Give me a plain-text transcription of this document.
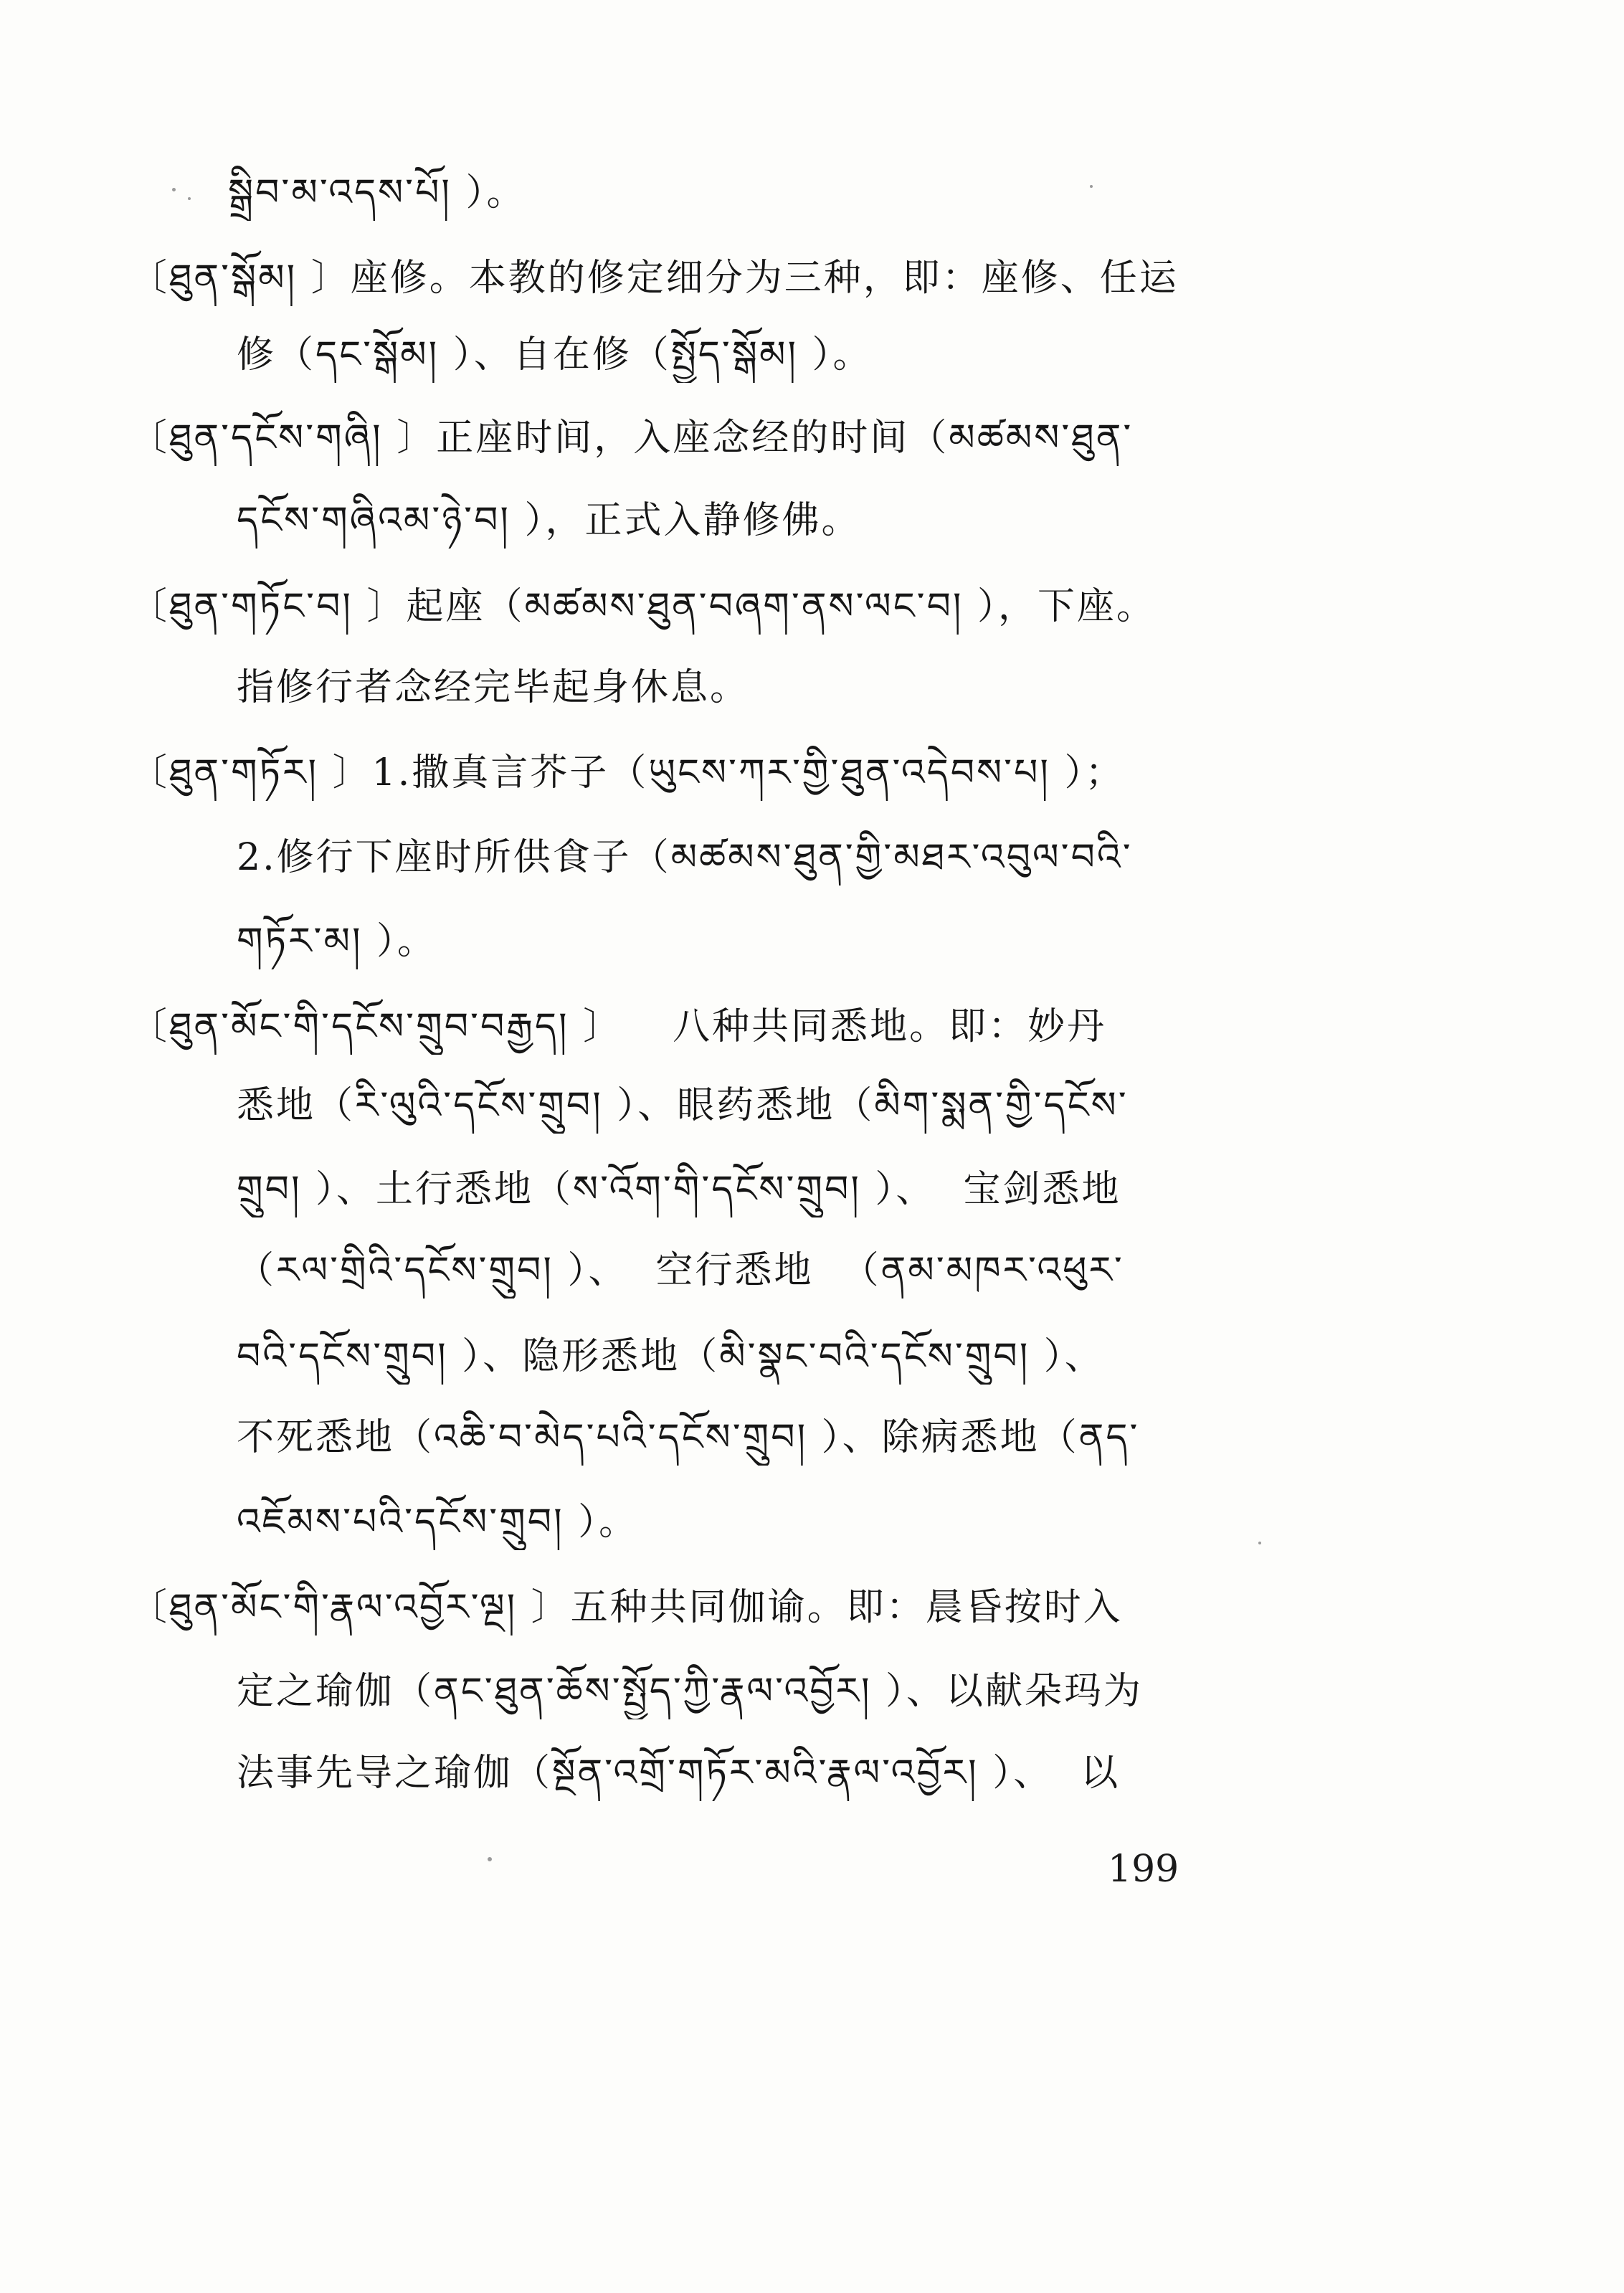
སྒྲིབ་མ་འདས་པོ། ）。
〔ཐུན་སྒོམ། 〕座修。本教的修定细分为三种，即：座修、任运
修（དང་སྒོམ། ）、自在修（སྤྱོད་སྒོམ། ）。
〔ཐུན་དངོས་གཞི། 〕正座时间，入座念经的时间（མཚམས་ཐུན་
དངོས་གཞིའམ་ཉེ་བ། ），正式入静修佛。
〔ཐུན་གཏོང་བ། 〕起座（མཚམས་ཐུན་བཞག་ནས་ལང་བ། ），下座。
指修行者念经完毕起身休息。
〔ཐུན་གཏོར། 〕1.撒真言芥子（ཡུངས་ཀར་གྱི་ཐུན་འདེབས་པ། ）；
2.修行下座时所供食子（མཚམས་ཐུན་གྱི་མཐར་འབུལ་བའི་
གཏོར་མ། ）。
〔ཐུན་མོང་གི་དངོས་གྲུབ་བརྒྱད། 〕 八种共同悉地。即：妙丹
悉地（རི་ལུའི་དངོས་གྲུབ། ）、眼药悉地（མིག་སྨན་གྱི་དངོས་
གྲུབ། ）、土行悉地（ས་འོག་གི་དངོས་གྲུབ། ）、  宝剑悉地
（རལ་གྲིའི་དངོས་གྲུབ། ）、  空行悉地  （ནམ་མཁར་འཕུར་
བའི་དངོས་གྲུབ། ）、隐形悉地（མི་སྣང་བའི་དངོས་གྲུབ། ）、
不死悉地（འཆི་བ་མེད་པའི་དངོས་གྲུབ། ）、除病悉地（ནད་
འཇོམས་པའི་དངོས་གྲུབ། ）。
〔ཐུན་མོང་གི་རྣལ་འབྱོར་ལྔ། 〕五种共同伽谕。即：晨昏按时入
定之瑜伽（ནང་ཐུན་ཆོས་སྤྱོད་ཀྱི་རྣལ་འབྱོར། ）、以献朵玛为
法事先导之瑜伽（སྔོན་འགྲོ་གཏོར་མའི་རྣལ་འབྱོར། ）、  以
199
